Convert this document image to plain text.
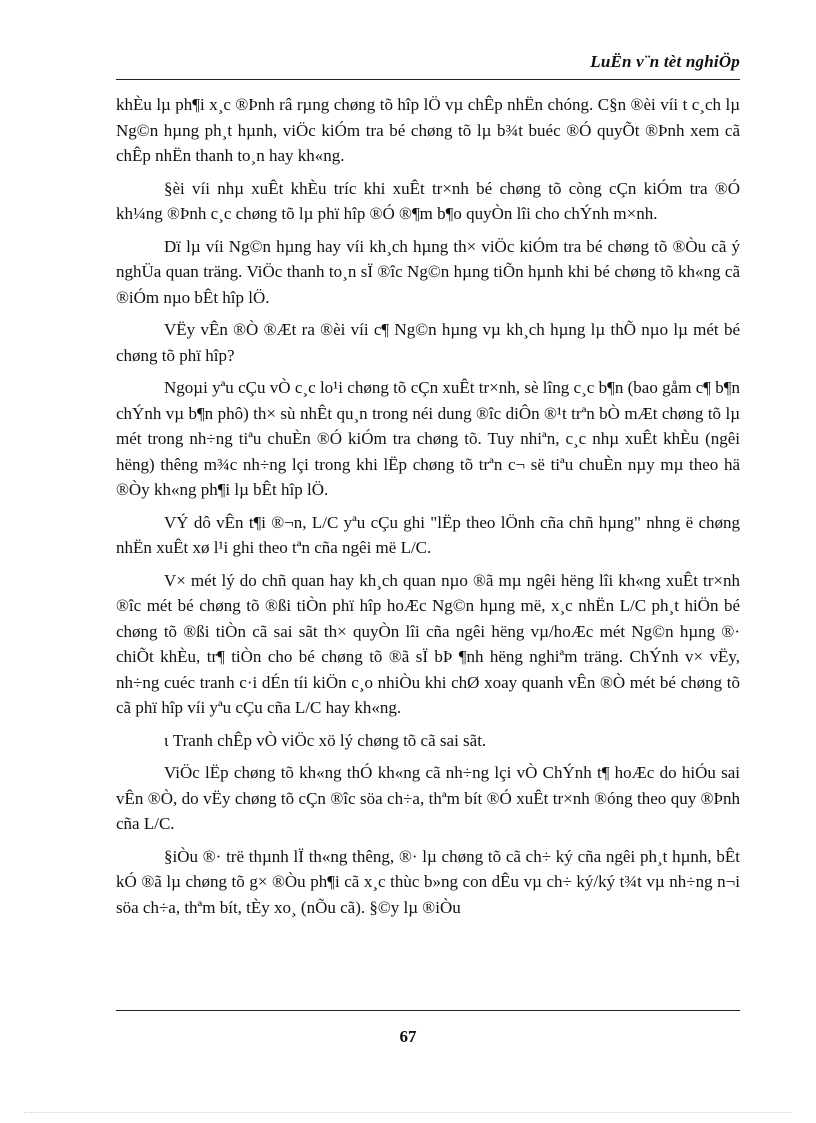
LuËn v¨n tèt nghiÖp

khÈu lµ ph¶i x¸c ®Þnh râ rµng chøng tõ hîp lÖ vµ chÊp nhËn chóng. C§n ®èi víi t c¸ch lµ Ng©n hµng ph¸t hµnh, viÖc kiÓm tra bé chøng tõ lµ b¾t buéc ®Ó quyÕt ®Þnh xem cã chÊp nhËn thanh to¸n hay kh«ng.

§èi víi nhµ xuÊt khÈu tríc khi xuÊt tr×nh bé chøng tõ còng cÇn kiÓm tra ®Ó kh¼ng ®Þnh c¸c chøng tõ lµ phï hîp ®Ó ®¶m b¶o quyÒn lîi cho chÝnh m×nh.

Dï lµ víi Ng©n hµng hay víi kh¸ch hµng th× viÖc kiÓm tra bé chøng tõ ®Òu cã ý nghÜa quan träng. ViÖc thanh to¸n sÏ ®îc Ng©n hµng tiÕn hµnh khi bé chøng tõ kh«ng cã ®iÓm nµo bÊt hîp lÖ.

VËy vÊn ®Ò ®Æt ra ®èi víi c¶ Ng©n hµng vµ kh¸ch hµng lµ thÕ nµo lµ mét bé chøng tõ phï hîp?

Ngoµi yªu cÇu vÒ c¸c lo¹i chøng tõ cÇn xuÊt tr×nh, sè lîng c¸c b¶n (bao gåm c¶ b¶n chÝnh vµ b¶n phô) th× sù nhÊt qu¸n trong néi dung ®îc diÔn ®¹t trªn bÒ mÆt chøng tõ lµ mét trong nh÷ng tiªu chuÈn ®Ó kiÓm tra chøng tõ. Tuy nhiªn, c¸c nhµ xuÊt khÈu (ngêi hëng) thêng m¾c nh÷ng lçi trong khi lËp chøng tõ trªn c¬ së tiªu chuÈn nµy mµ theo hä ®Òy kh«ng ph¶i lµ bÊt hîp lÖ.

VÝ dô vÊn t¶i ®¬n, L/C yªu cÇu ghi "lËp theo lÖnh cña chñ hµng" nhng ë chøng nhËn xuÊt xø l¹i ghi theo tªn cña ngêi më L/C.

V× mét lý do chñ quan hay kh¸ch quan nµo ®ã mµ ngêi hëng lîi kh«ng xuÊt tr×nh ®îc mét bé chøng tõ ®ßi tiÒn phï hîp hoÆc Ng©n hµng më, x¸c nhËn L/C ph¸t hiÖn bé chøng tõ ®ßi tiÒn cã sai sãt th× quyÒn lîi cña ngêi hëng vµ/hoÆc mét Ng©n hµng ®· chiÕt khÈu, tr¶ tiÒn cho bé chøng tõ ®ã sÏ bÞ ¶nh hëng nghiªm träng. ChÝnh v× vËy, nh÷ng cuéc tranh c·i dÉn tíi kiÖn c¸o nhiÒu khi chØ xoay quanh vÊn ®Ò mét bé chøng tõ cã phï hîp víi yªu cÇu cña L/C hay kh«ng.

ι Tranh chÊp vÒ viÖc xö lý chøng tõ cã sai sãt.

ViÖc lËp chøng tõ kh«ng thÓ kh«ng cã nh÷ng lçi vÒ ChÝnh t¶ hoÆc do hiÓu sai vÊn ®Ò, do vËy chøng tõ cÇn ®îc söa ch÷a, thªm bít ®Ó xuÊt tr×nh ®óng theo quy ®Þnh cña L/C.

§iÒu ®· trë thµnh lÏ th«ng thêng, ®· lµ chøng tõ cã ch÷ ký cña ngêi ph¸t hµnh, bÊt kÓ ®ã lµ chøng tõ g× ®Òu ph¶i cã x¸c thùc b»ng con dÊu vµ ch÷ ký/ký t¾t vµ nh÷ng n¬i söa ch÷a, thªm bít, tÈy xo¸ (nÕu cã). §©y lµ ®iÒu

67
